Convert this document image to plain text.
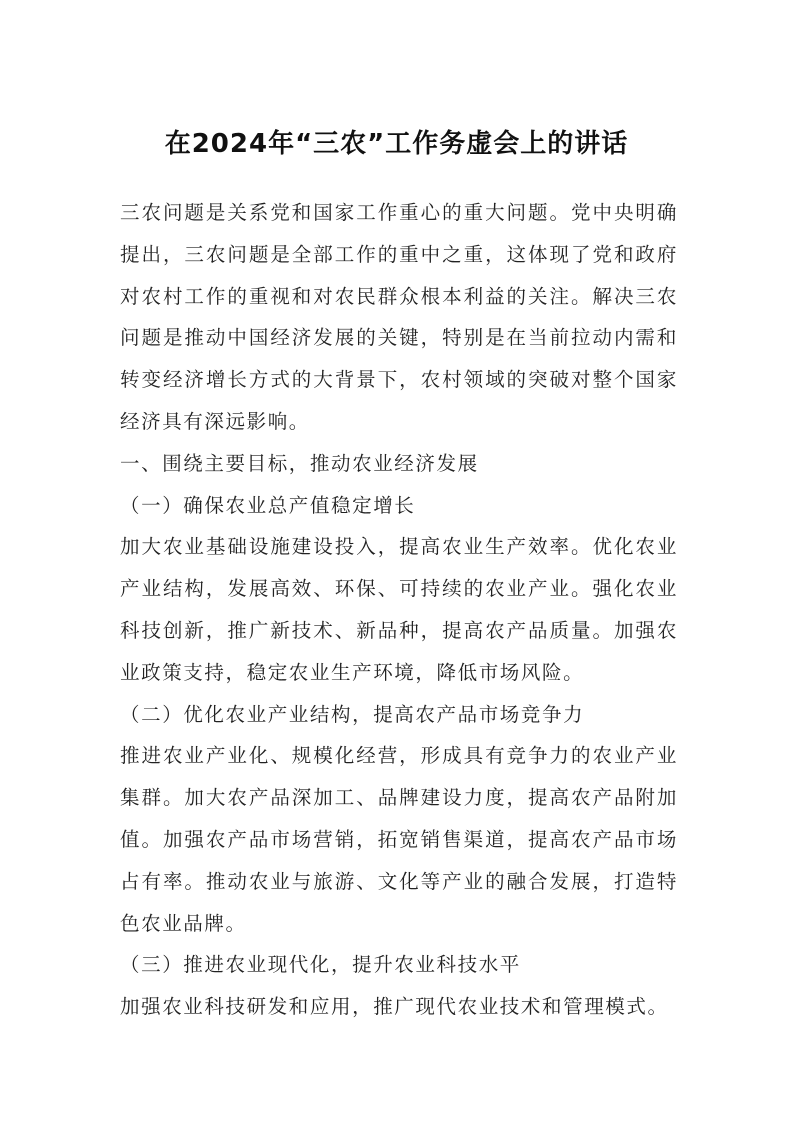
在2024年“三农”工作务虚会上的讲话

三农问题是关系党和国家工作重心的重大问题。党中央明确提出，三农问题是全部工作的重中之重，这体现了党和政府对农村工作的重视和对农民群众根本利益的关注。解决三农问题是推动中国经济发展的关键，特别是在当前拉动内需和转变经济增长方式的大背景下，农村领域的突破对整个国家经济具有深远影响。

一、围绕主要目标，推动农业经济发展

（一）确保农业总产值稳定增长

加大农业基础设施建设投入，提高农业生产效率。优化农业产业结构，发展高效、环保、可持续的农业产业。强化农业科技创新，推广新技术、新品种，提高农产品质量。加强农业政策支持，稳定农业生产环境，降低市场风险。

（二）优化农业产业结构，提高农产品市场竞争力

推进农业产业化、规模化经营，形成具有竞争力的农业产业集群。加大农产品深加工、品牌建设力度，提高农产品附加值。加强农产品市场营销，拓宽销售渠道，提高农产品市场占有率。推动农业与旅游、文化等产业的融合发展，打造特色农业品牌。

（三）推进农业现代化，提升农业科技水平

加强农业科技研发和应用，推广现代农业技术和管理模式。
